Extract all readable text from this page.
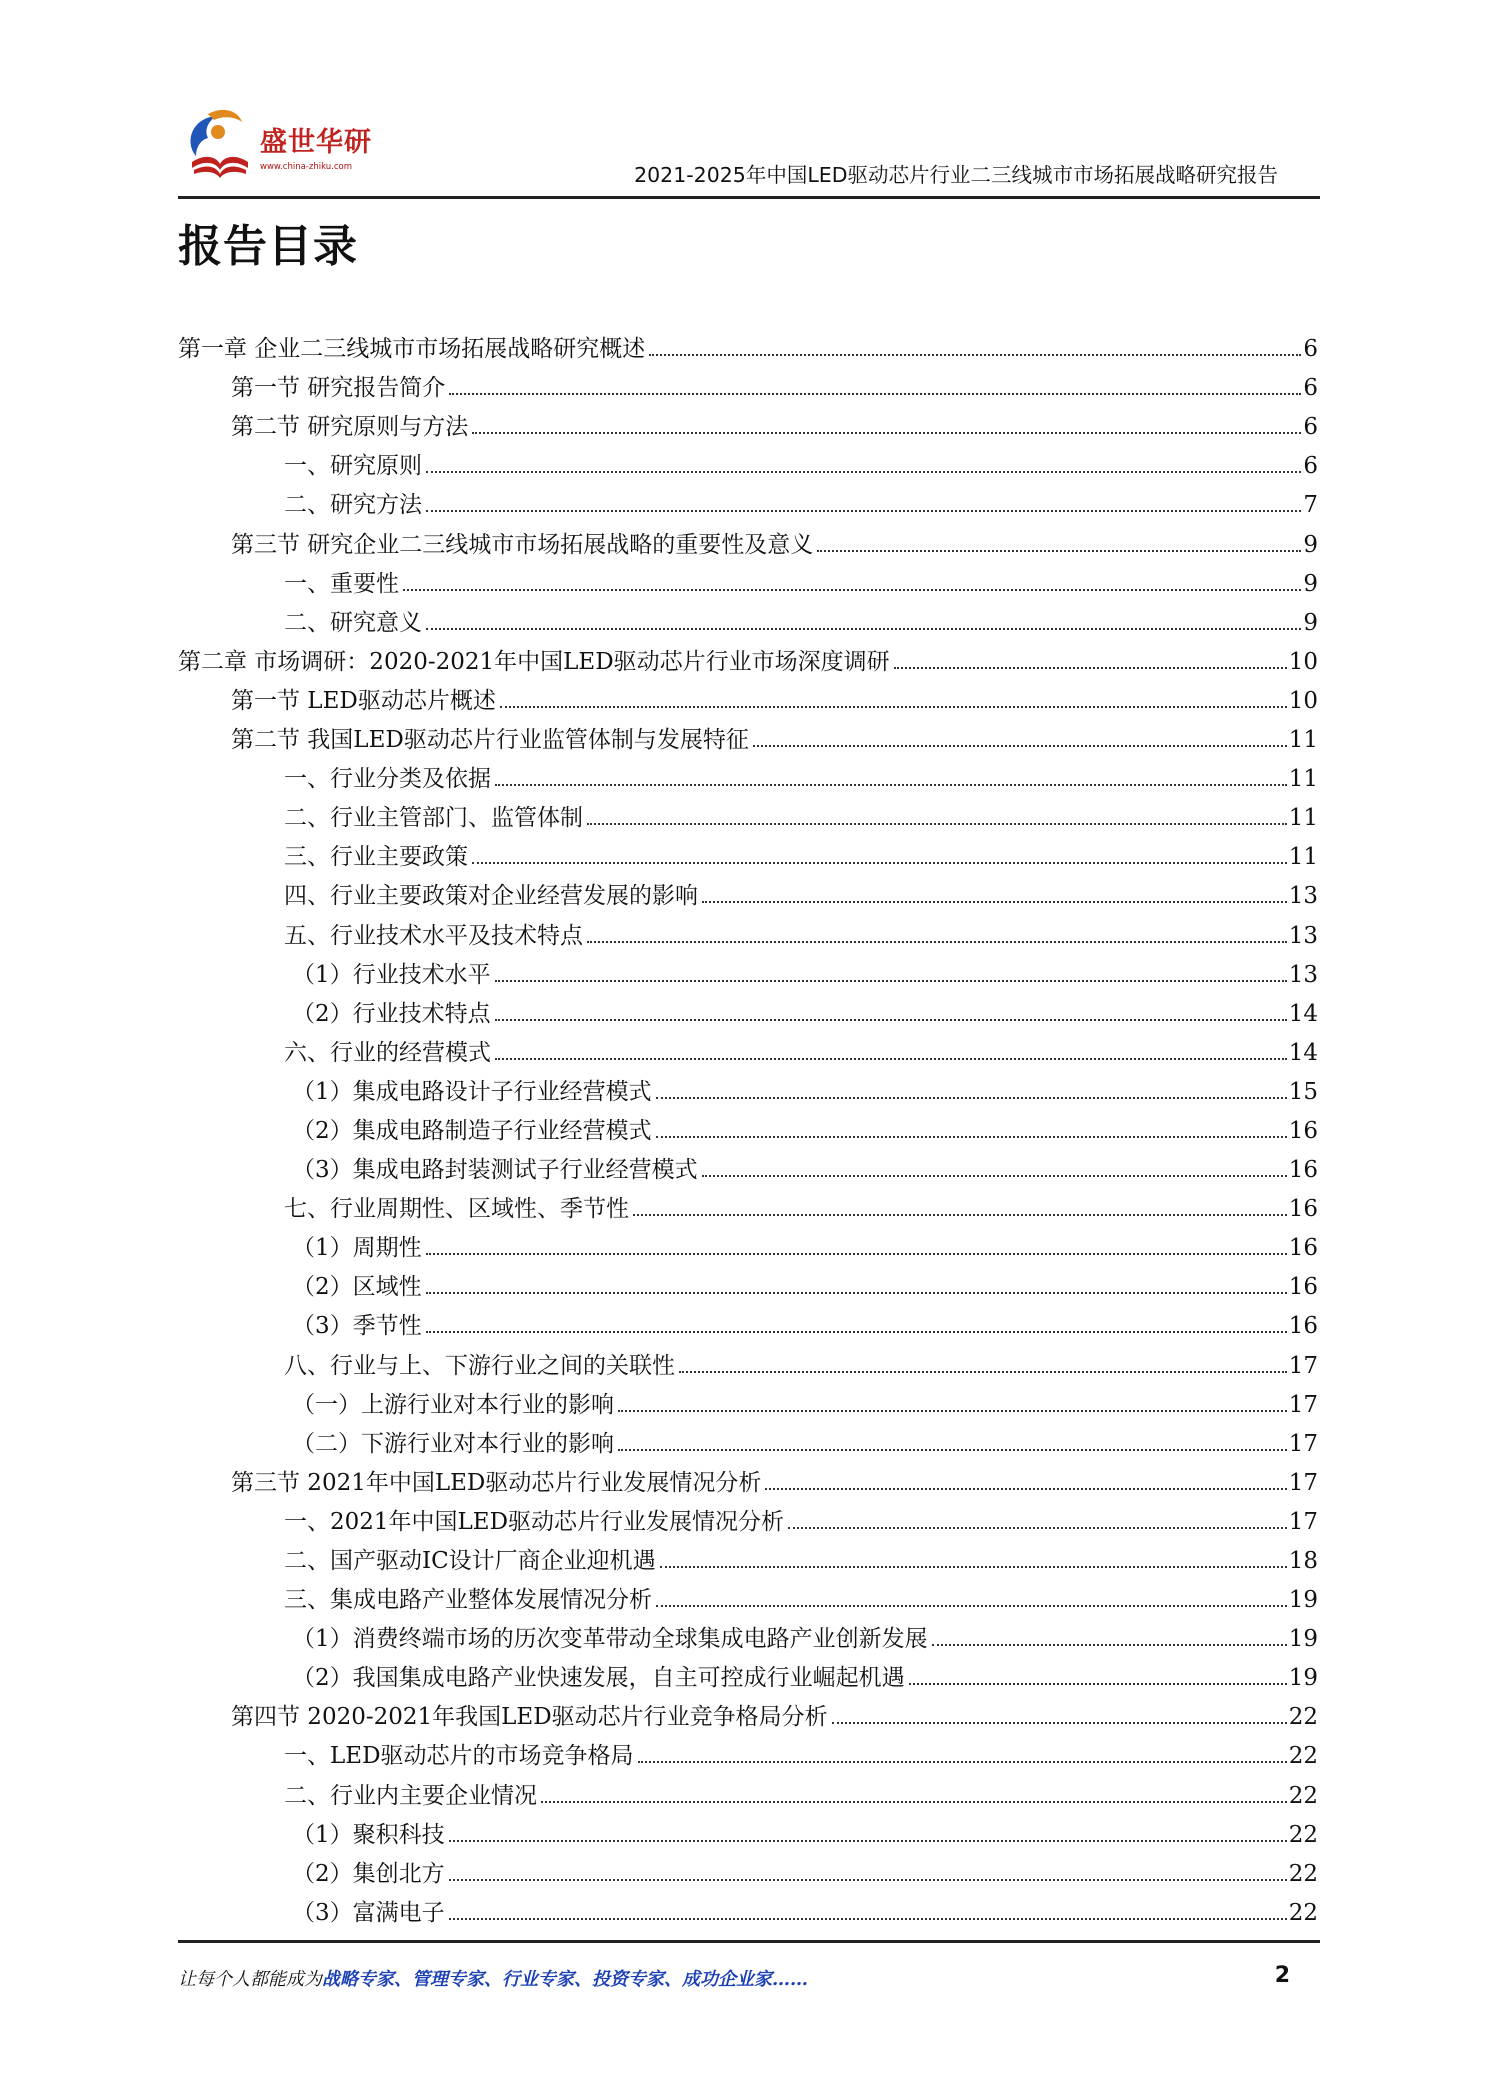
盛世华研
www.china-zhiku.com	2021-2025年中国LED驱动芯片行业二三线城市市场拓展战略研究报告
报告目录
第一章 企业二三线城市市场拓展战略研究概述	6
第一节 研究报告简介	6
第二节 研究原则与方法	6
一、研究原则	6
二、研究方法	7
第三节 研究企业二三线城市市场拓展战略的重要性及意义	9
一、重要性	9
二、研究意义	9
第二章 市场调研：2020-2021年中国LED驱动芯片行业市场深度调研	10
第一节 LED驱动芯片概述	10
第二节 我国LED驱动芯片行业监管体制与发展特征	11
一、行业分类及依据	11
二、行业主管部门、监管体制	11
三、行业主要政策	11
四、行业主要政策对企业经营发展的影响	13
五、行业技术水平及技术特点	13
（1）行业技术水平	13
（2）行业技术特点	14
六、行业的经营模式	14
（1）集成电路设计子行业经营模式	15
（2）集成电路制造子行业经营模式	16
（3）集成电路封装测试子行业经营模式	16
七、行业周期性、区域性、季节性	16
（1）周期性	16
（2）区域性	16
（3）季节性	16
八、行业与上、下游行业之间的关联性	17
（一）上游行业对本行业的影响	17
（二）下游行业对本行业的影响	17
第三节 2021年中国LED驱动芯片行业发展情况分析	17
一、2021年中国LED驱动芯片行业发展情况分析	17
二、国产驱动IC设计厂商企业迎机遇	18
三、集成电路产业整体发展情况分析	19
（1）消费终端市场的历次变革带动全球集成电路产业创新发展	19
（2）我国集成电路产业快速发展，自主可控成行业崛起机遇	19
第四节 2020-2021年我国LED驱动芯片行业竞争格局分析	22
一、LED驱动芯片的市场竞争格局	22
二、行业内主要企业情况	22
（1）聚积科技	22
（2）集创北方	22
（3）富满电子	22
让每个人都能成为战略专家、管理专家、行业专家、投资专家、成功企业家……	2
